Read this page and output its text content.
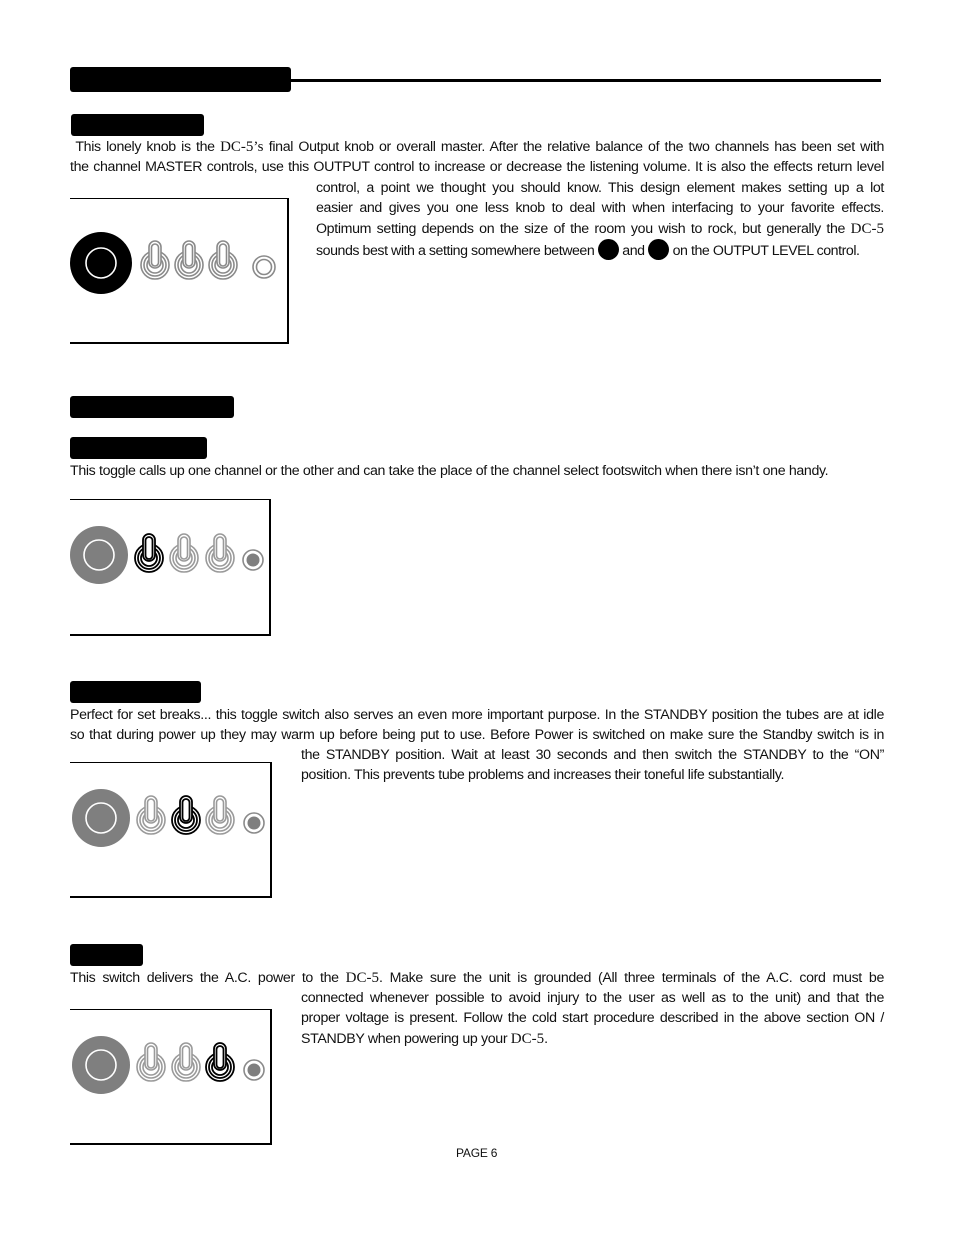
This lonely knob is the DC-5’s final Output knob or overall master. After the relative balance of the two channels has been set with
the channel MASTER controls, use this OUTPUT control to increase or decrease the listening volume. It is also the effects return level
control, a point we thought you should know. This design element makes setting up a lot
easier and gives you one less knob to deal with when interfacing to your favorite effects.
Optimum setting depends on the size of the room you wish to rock, but generally the DC-5
sounds best with a setting somewhere between  and  on the OUTPUT LEVEL control.
This toggle calls up one channel or the other and can take the place of the channel select footswitch when there isn’t one handy.
Perfect for set breaks... this toggle switch also serves an even more important purpose. In the STANDBY position the tubes are at idle
so that during power up they may warm up before being put to use. Before Power is switched on make sure the Standby switch is in
the STANDBY position. Wait at least 30 seconds and then switch the STANDBY to the “ON”
position. This prevents tube problems and increases their toneful life substantially.
This switch delivers the A.C. power to the DC-5. Make sure the unit is grounded (All three terminals of the A.C. cord must be
connected whenever possible to avoid injury to the user as well as to the unit) and that the
proper voltage is present. Follow the cold start procedure described in the above section ON /
STANDBY when powering up your DC-5.
PAGE 6
